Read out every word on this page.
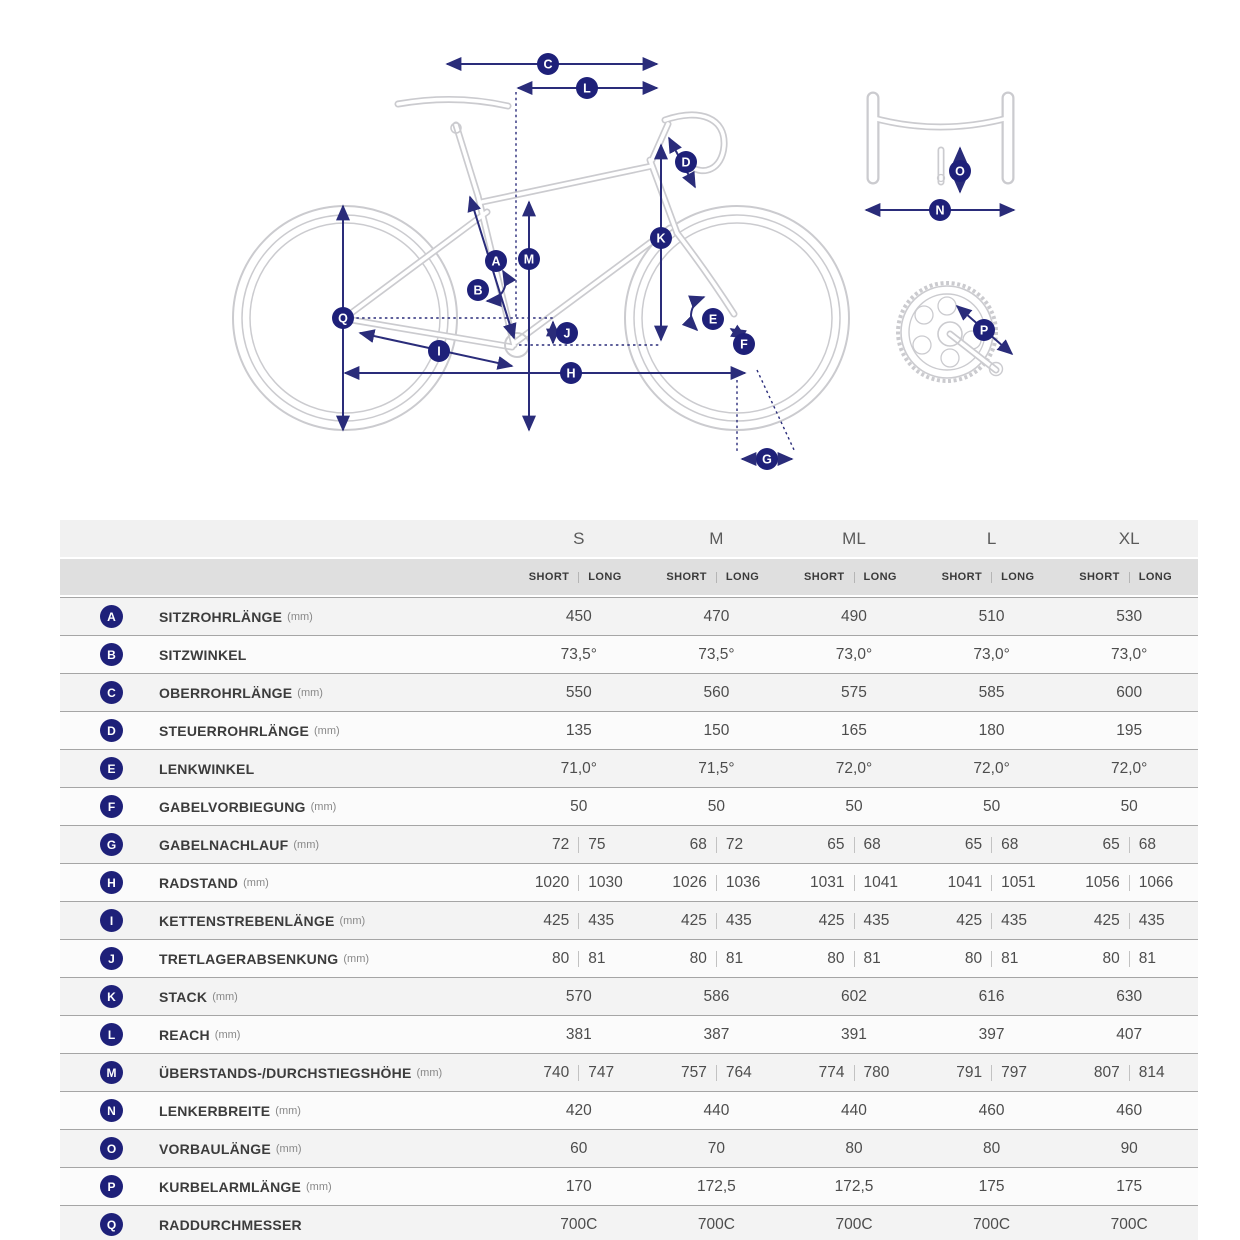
A
B
C
D
E
F
G
H
I
J
K
L
M
N
O
P
Q
S	M	ML	L	XL
SHORT	LONG	SHORT	LONG	SHORT	LONG	SHORT	LONG	SHORT	LONG
A	SITZROHRLÄNGE (mm)	450	470	490	510	530
B	SITZWINKEL	73,5°	73,5°	73,0°	73,0°	73,0°
C	OBERROHRLÄNGE (mm)	550	560	575	585	600
D	STEUERROHRLÄNGE (mm)	135	150	165	180	195
E	LENKWINKEL	71,0°	71,5°	72,0°	72,0°	72,0°
F	GABELVORBIEGUNG (mm)	50	50	50	50	50
G	GABELNACHLAUF (mm)	72	75	68	72	65	68	65	68	65	68
H	RADSTAND (mm)	1020	1030	1026	1036	1031	1041	1041	1051	1056	1066
I	KETTENSTREBENLÄNGE (mm)	425	435	425	435	425	435	425	435	425	435
J	TRETLAGERABSENKUNG (mm)	80	81	80	81	80	81	80	81	80	81
K	STACK (mm)	570	586	602	616	630
L	REACH (mm)	381	387	391	397	407
M	ÜBERSTANDS-/DURCHSTIEGSHÖHE (mm)	740	747	757	764	774	780	791	797	807	814
N	LENKERBREITE (mm)	420	440	440	460	460
O	VORBAULÄNGE (mm)	60	70	80	80	90
P	KURBELARMLÄNGE (mm)	170	172,5	172,5	175	175
Q	RADDURCHMESSER	700C	700C	700C	700C	700C
